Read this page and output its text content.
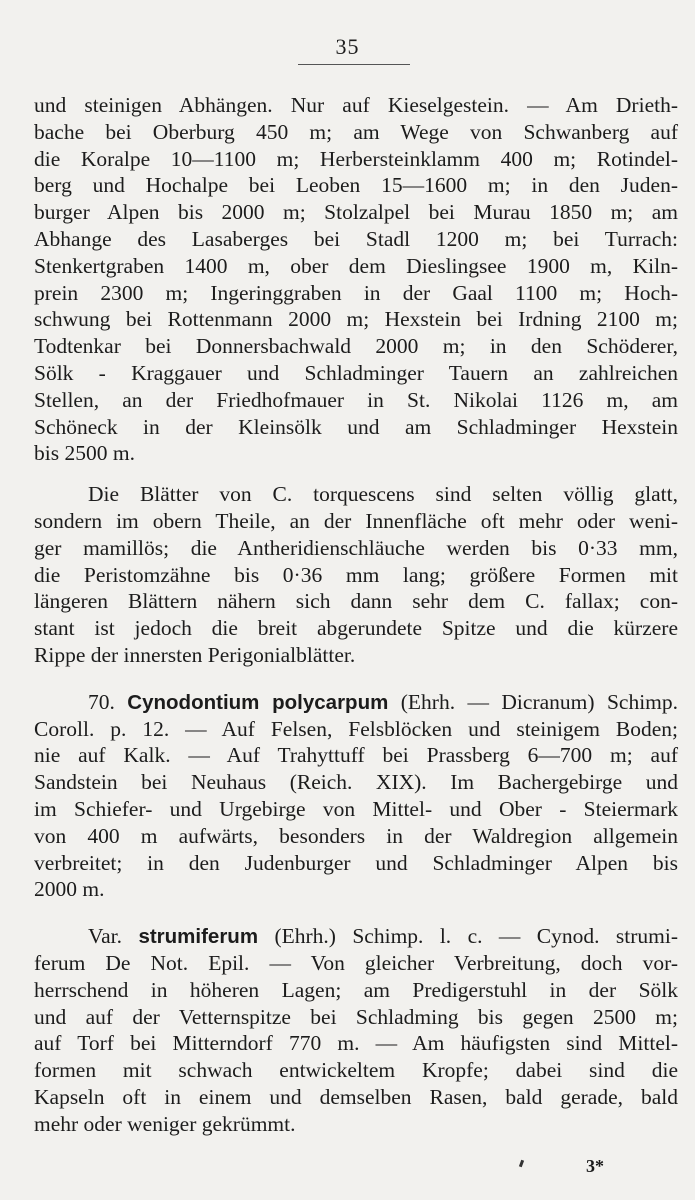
35
und steinigen Abhängen. Nur auf Kieselgestein. — Am Drieth-
bache bei Oberburg 450 m; am Wege von Schwanberg auf
die Koralpe 10—1100 m; Herbersteinklamm 400 m; Rotindel-
berg und Hochalpe bei Leoben 15—1600 m; in den Juden-
burger Alpen bis 2000 m; Stolzalpel bei Murau 1850 m; am
Abhange des Lasaberges bei Stadl 1200 m; bei Turrach:
Stenkertgraben 1400 m, ober dem Dieslingsee 1900 m, Kiln-
prein 2300 m; Ingeringgraben in der Gaal 1100 m; Hoch-
schwung bei Rottenmann 2000 m; Hexstein bei Irdning 2100 m;
Todtenkar bei Donnersbachwald 2000 m; in den Schöderer,
Sölk - Kraggauer und Schladminger Tauern an zahlreichen
Stellen, an der Friedhofmauer in St. Nikolai 1126 m, am
Schöneck in der Kleinsölk und am Schladminger Hexstein
bis 2500 m.
Die Blätter von C. torquescens sind selten völlig glatt,
sondern im obern Theile, an der Innenfläche oft mehr oder weni-
ger mamillös; die Antheridienschläuche werden bis 0·33 mm,
die Peristomzähne bis 0·36 mm lang; größere Formen mit
längeren Blättern nähern sich dann sehr dem C. fallax; con-
stant ist jedoch die breit abgerundete Spitze und die kürzere
Rippe der innersten Perigonialblätter.
70. Cynodontium polycarpum (Ehrh. — Dicranum) Schimp.
Coroll. p. 12. — Auf Felsen, Felsblöcken und steinigem Boden;
nie auf Kalk. — Auf Trahyttuff bei Prassberg 6—700 m; auf
Sandstein bei Neuhaus (Reich. XIX). Im Bachergebirge und
im Schiefer- und Urgebirge von Mittel- und Ober - Steiermark
von 400 m aufwärts, besonders in der Waldregion allgemein
verbreitet; in den Judenburger und Schladminger Alpen bis
2000 m.
Var. strumiferum (Ehrh.) Schimp. l. c. — Cynod. strumi-
ferum De Not. Epil. — Von gleicher Verbreitung, doch vor-
herrschend in höheren Lagen; am Predigerstuhl in der Sölk
und auf der Vetternspitze bei Schladming bis gegen 2500 m;
auf Torf bei Mitterndorf 770 m. — Am häufigsten sind Mittel-
formen mit schwach entwickeltem Kropfe; dabei sind die
Kapseln oft in einem und demselben Rasen, bald gerade, bald
mehr oder weniger gekrümmt.
3*
